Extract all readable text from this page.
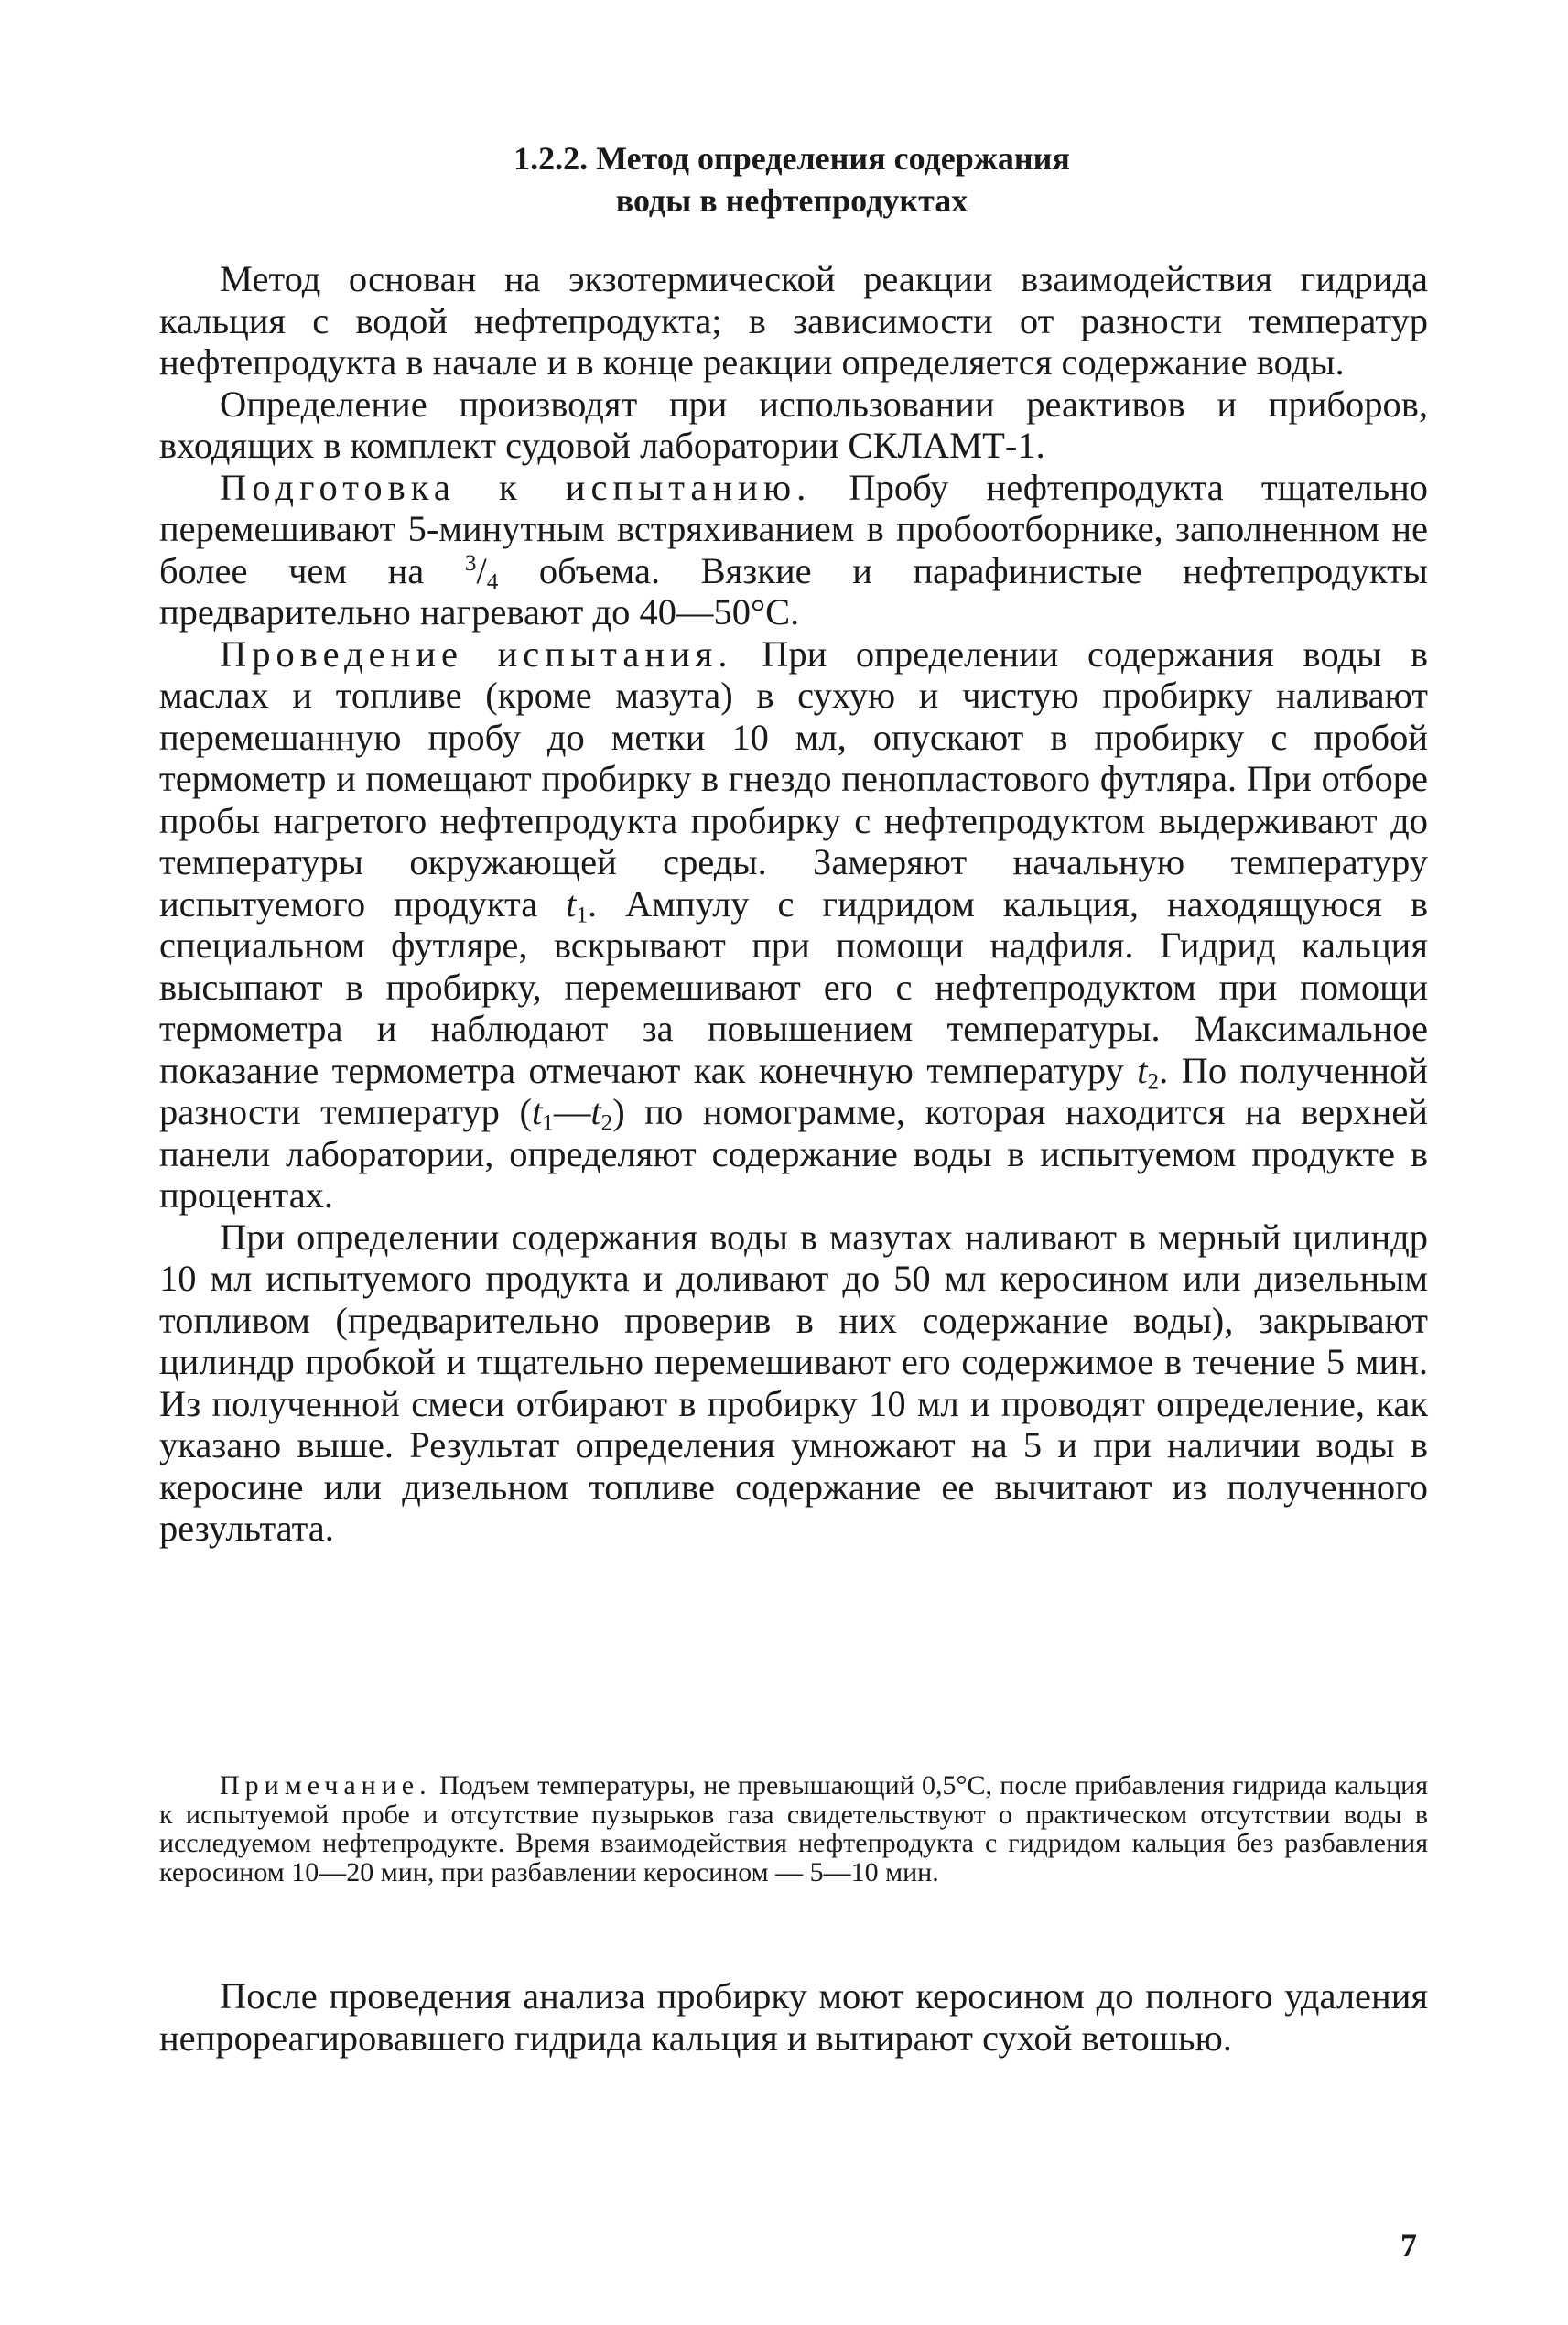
1.2.2. Метод определения содержания
воды в нефтепродуктах

Метод основан на экзотермической реакции взаимодействия гидрида кальция с водой нефтепродукта; в зависимости от разности температур нефтепродукта в начале и в конце реакции определяется содержание воды.

Определение производят при использовании реактивов и приборов, входящих в комплект судовой лаборатории СКЛАМТ-1.

Подготовка к испытанию. Пробу нефтепродукта тщательно перемешивают 5-минутным встряхиванием в пробоотборнике, заполненном не более чем на $^3/_4$ объема. Вязкие и парафинистые нефтепродукты предварительно нагревают до 40—50°С.

Проведение испытания. При определении содержания воды в маслах и топливе (кроме мазута) в сухую и чистую пробирку наливают перемешанную пробу до метки 10 мл, опускают в пробирку с пробой термометр и помещают пробирку в гнездо пенопластового футляра. При отборе пробы нагретого нефтепродукта пробирку с нефтепродуктом выдерживают до температуры окружающей среды. Замеряют начальную температуру испытуемого продукта $t_1$. Ампулу с гидридом кальция, находящуюся в специальном футляре, вскрывают при помощи надфиля. Гидрид кальция высыпают в пробирку, перемешивают его с нефтепродуктом при помощи термометра и наблюдают за повышением температуры. Максимальное показание термометра отмечают как конечную температуру $t_2$. По полученной разности температур $(t_1—t_2)$ по номограмме, которая находится на верхней панели лаборатории, определяют содержание воды в испытуемом продукте в процентах.

При определении содержания воды в мазутах наливают в мерный цилиндр 10 мл испытуемого продукта и доливают до 50 мл керосином или дизельным топливом (предварительно проверив в них содержание воды), закрывают цилиндр пробкой и тщательно перемешивают его содержимое в течение 5 мин. Из полученной смеси отбирают в пробирку 10 мл и проводят определение, как указано выше. Результат определения умножают на 5 и при наличии воды в керосине или дизельном топливе содержание ее вычитают из полученного результата.

Примечание. Подъем температуры, не превышающий 0,5°С, после прибавления гидрида кальция к испытуемой пробе и отсутствие пузырьков газа свидетельствуют о практическом отсутствии воды в исследуемом нефтепродукте. Время взаимодействия нефтепродукта с гидридом кальция без разбавления керосином 10—20 мин, при разбавлении керосином — 5—10 мин.

После проведения анализа пробирку моют керосином до полного удаления непрореагировавшего гидрида кальция и вытирают сухой ветошью.

7
